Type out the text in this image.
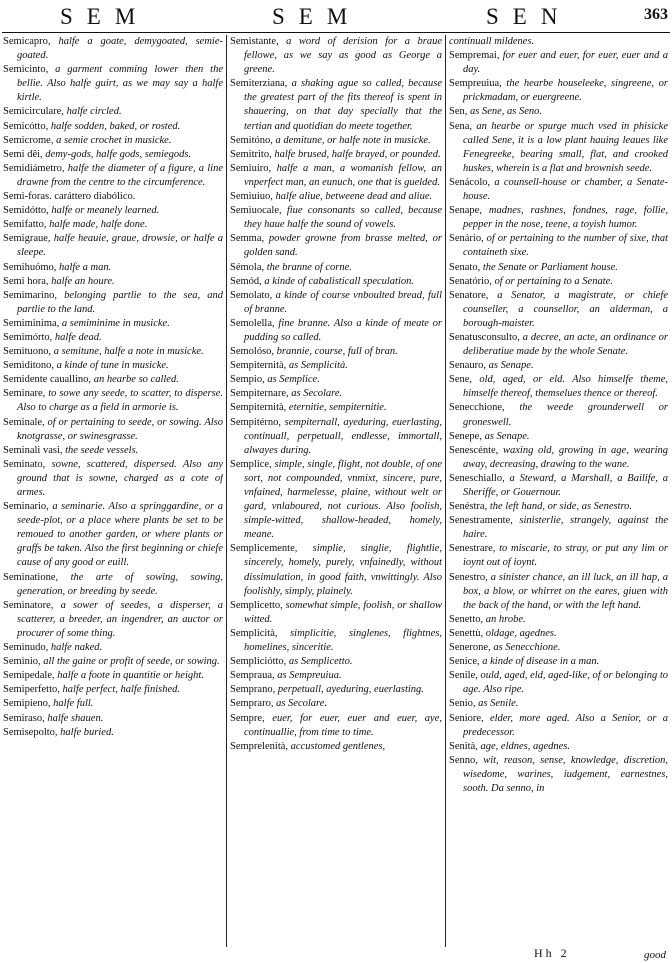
SEM	SEM	SEN	363

Semicapro, halfe a goate, demygoated, semie-goated.

Semicinto, a garment comming lower then the bellie. Also halfe guirt, as we may say a halfe kirtle.

Semicirculare, halfe circled.

Semicótto, halfe sodden, baked, or rosted.

Semicrome, a semie crochet in musicke.

Semi dêi, demy-gods, halfe gods, semiegods.

Semidiámetro, halfe the diameter of a figure, a line drawne from the centre to the circumference.

Semi-foras. caráttero diabólico.

Semidótto, halfe or meanely learned.

Semifatto, halfe made, halfe done.

Semigraue, halfe heauie, graue, drowsie, or halfe a sleepe.

Semihuómo, halfe a man.

Semi hora, halfe an houre.

Semimarino, belonging partlie to the sea, and partlie to the land.

Semiminima, a semiminime in musicke.

Semimórto, halfe dead.

Semituono, a semitune, halfe a note in musicke.

Semiditono, a kinde of tune in musicke.

Semidente cauallino, an hearbe so called.

Seminare, to sowe any seede, to scatter, to disperse. Also to charge as a field in armorie is.

Seminale, of or pertaining to seede, or sowing. Also knotgrasse, or swinesgrasse.

Seminali vasi, the seede vessels.

Seminato, sowne, scattered, dispersed. Also any ground that is sowne, charged as a cote of armes.

Seminario, a seminarie. Also a springgardine, or a seede-plot, or a place where plants be set to be remoued to another garden, or where plants or graffs be taken. Also the first beginning or chiefe cause of any good or euill.

Seminatione, the arte of sowing, sowing, generation, or breeding by seede.

Seminatore, a sower of seedes, a disperser, a scatterer, a breeder, an ingendrer, an auctor or procurer of some thing.

Seminudo, halfe naked.

Seminio, all the gaine or profit of seede, or sowing.

Semipedale, halfe a foote in quantitie or height.

Semiperfetto, halfe perfect, halfe finished.

Semipieno, halfe full.

Semirasо, halfe shauen.

Semisepolto, halfe buried.

Semistante, a word of derision for a braue fellowe, as we say as good as George a greene.

Semiterziana, a shaking ague so called, because the greatest part of the fits thereof is spent in shauering, on that day specially that the tertian and quotidian do meete together.

Semitóno, a demitune, or halfe note in musicke.

Semitrito, halfe brused, halfe brayed, or pounded.

Semiuiro, halfe a man, a womanish fellow, an vnperfect man, an eunuch, one that is guelded.

Semiuiuo, halfe aliue, betweene dead and aliue.

Semiuocale, fiue consonants so called, because they haue halfe the sound of vowels.

Semma, powder growne from brasse melted, or golden sand.

Sémola, the branne of corne.

Semód, a kinde of cabalisticall speculation.

Semolato, a kinde of course vnboulted bread, full of branne.

Semolella, fine branne. Also a kinde of meate or pudding so called.

Semolóso, brannie, course, full of bran.

Sempiternità, as Semplicità.

Sempio, as Semplice.

Sempiternare, as Secolare.

Sempiternità, eternitie, sempiternitie.

Sempitérno, sempiternall, ayeduring, euerlasting, continuall, perpetuall, endlesse, immortall, alwayes during.

Semplice, simple, single, flight, not double, of one sort, not compounded, vnmixt, sincere, pure, vnfained, harmelesse, plaine, without welt or gard, vnlaboured, not curious. Also foolish, simple-witted, shallow-headed, homely, meane.

Semplicemente, simplie, singlie, flightlie, sincerely, homely, purely, vnfainedly, without dissimulation, in good faith, vnwittingly. Also foolishly, simply, plainely.

Semplicetto, somewhat simple, foolish, or shallow witted.

Semplicità, simplicitie, singlenes, flightnes, homelines, sinceritie.

Semplicióttо, as Semplicetto.

Sempraua, as Sempreuiua.

Semprano, perpetuall, ayeduring, euerlasting.

Sempraro, as Secolare.

Sempre, euer, for euer, euer and euer, aye, continuallie, from time to time.

Semprelenità, accustomed gentlenes,

continuall mildenes.

Sempremai, for euer and euer, for euer, euer and a day.

Sempreuiua, the hearbe houseleeke, singreene, or prickmadam, or euergreene.

Sen, as Sene, as Seno.

Sena, an hearbe or spurge much vsed in phisicke called Sene, it is a low plant hauing leaues like Fenegreeke, bearing small, flat, and crooked huskes, wherein is a flat and brownish seede.

Senácolo, a counsell-house or chamber, a Senate-house.

Senape, madnes, rashnes, fondnes, rage, follie, pepper in the nose, teene, a toyish humor.

Senário, of or pertaining to the number of sixe, that containeth sixe.

Senato, the Senate or Parliament house.

Senatório, of or pertaining to a Senate.

Senatore, a Senator, a magistrate, or chiefe counseller, a counsellor, an alderman, a borough-maister.

Senatusconsulto, a decree, an acte, an ordinance or deliberatiue made by the whole Senate.

Senauro, as Senape.

Sene, old, aged, or eld. Also himselfe theme, himselfe thereof, themselues thence or thereof.

Senecchione, the weede grounderwell or groneswell.

Senepe, as Senape.

Senescénte, waxing old, growing in age, wearing away, decreasing, drawing to the wane.

Seneschiallo, a Steward, a Marshall, a Bailife, a Sheriffe, or Gouernour.

Senéstra, the left hand, or side, as Senestro.

Senestramente, sinisterlie, strangely, against the haire.

Senestrare, to miscarie, to stray, or put any lim or ioynt out of ioynt.

Senestro, a sinister chance, an ill luck, an ill hap, a box, a blow, or whirret on the eares, giuen with the back of the hand, or with the left hand.

Senetto, an hrobe.

Senettù, oldage, agednes.

Senerone, as Senecchione.

Senice, a kinde of disease in a man.

Senile, ould, aged, eld, aged-like, of or belonging to age. Also ripe.

Senio, as Senile.

Seniore, elder, more aged. Also a Senior, or a predecessor.

Senità, age, eldnes, agednes.

Senno, wit, reason, sense, knowledge, discretion, wisedome, warines, iudgement, earnestnes, sooth. Da senno, in

Hh 2	good
